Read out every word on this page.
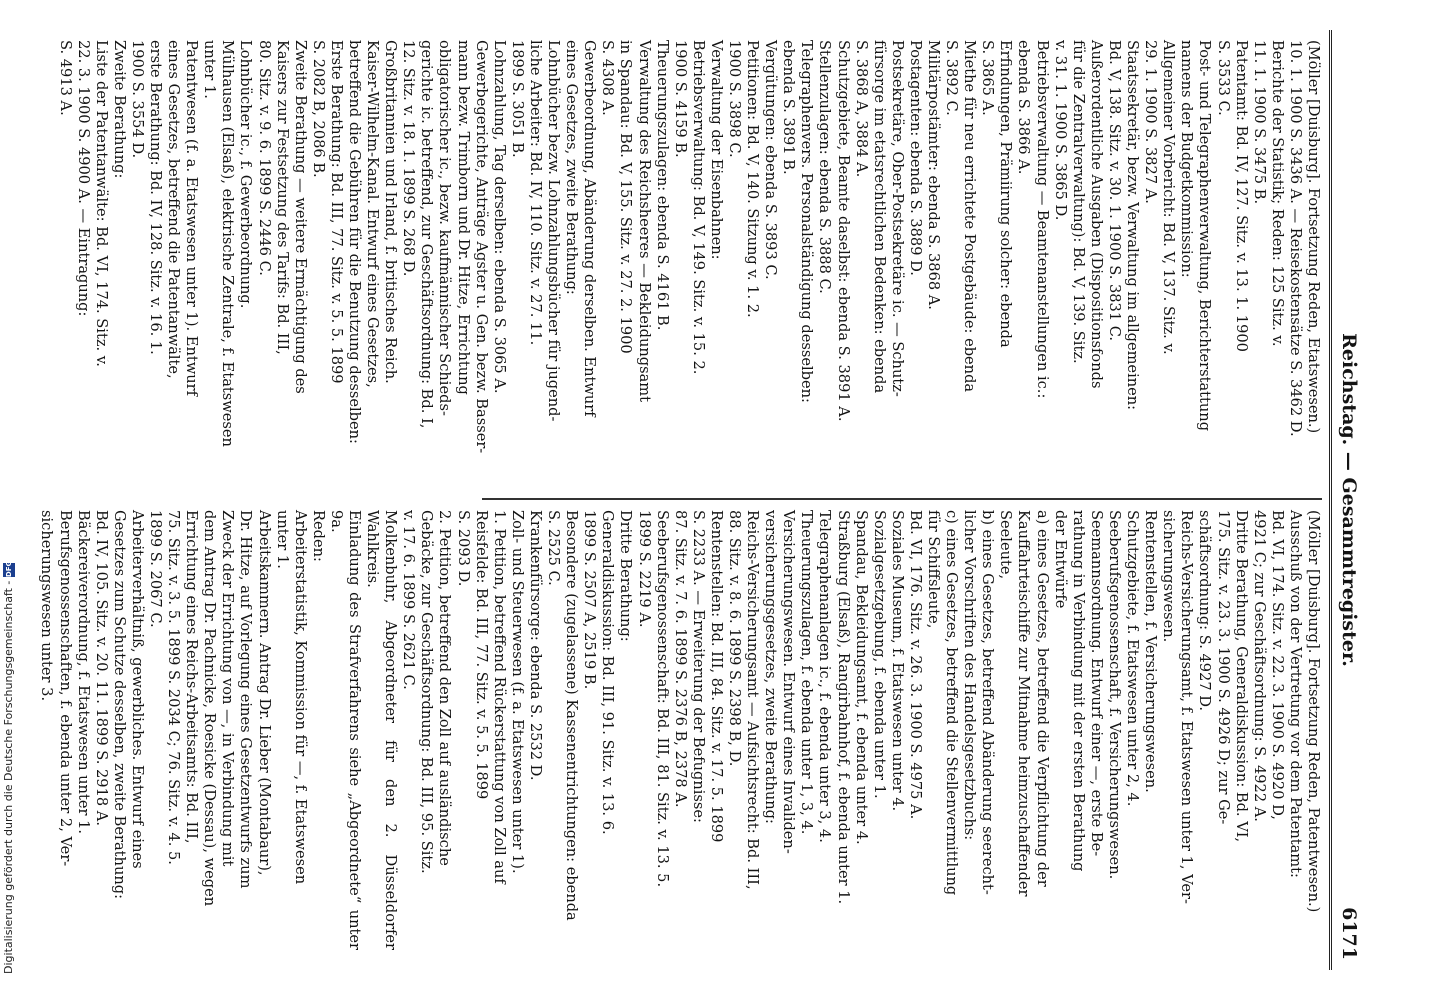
Reichstag. — Gesammtregister.
6171

(Möller [Duisburg]. Fortsetzung Reden, Etatswesen.)

10. 1. 1900 S. 3436 A. — Reisekostensätze S. 3462 D.

Berichte der Statistik; Reden: 125 Sitz. v.

11. 1. 1900 S. 3475 B.

Patentamt: Bd. IV, 127. Sitz. v. 13. 1. 1900

S. 3533 C.

Post- und Telegraphenverwaltung, Berichterstattung

namens der Budgetkommission:

Allgemeiner Vorbericht: Bd. V, 137. Sitz. v.

29. 1. 1900 S. 3827 A.

Staatssekretär, bezw. Verwaltung im allgemeinen:

Bd. V, 138. Sitz. v. 30. 1. 1900 S. 3831 C.

Außerordentliche Ausgaben (Dispositionsfonds

für die Zentralverwaltung): Bd. V, 139. Sitz.

v. 31. 1. 1900 S. 3865 D.

Betriebsverwaltung — Beamtenanstellungen ic.:

ebenda S. 3866 A.

Erfindungen, Prämiirung solcher: ebenda

S. 3865 A.

Miethe für neu errichtete Postgebäude: ebenda

S. 3892 C.

Militärpostämter: ebenda S. 3868 A.

Postagenten: ebenda S. 3889 D.

Postsekretäre, Ober-Postsekretäre ic. — Schutz-

fürsorge im etatsrechtlichen Bedenken: ebenda

S. 3868 A, 3884 A.

Schutzgebiete, Beamte daselbst: ebenda S. 3891 A.

Stellenzulagen: ebenda S. 3888 C.

Telegraphenvers. Personalständigung desselben:

ebenda S. 3891 B.

Vergütungen: ebenda S. 3893 C.

Petitionen: Bd. V, 140. Sitzung v. 1. 2.

1900 S. 3898 C.

Verwaltung der Eisenbahnen:

Betriebsverwaltung: Bd. V, 149. Sitz. v. 15. 2.

1900 S. 4159 B.

Theuerungszulagen: ebenda S. 4161 B.

Verwaltung des Reichsheeres — Bekleidungsamt

in Spandau: Bd. V, 155. Sitz. v. 27. 2. 1900

S. 4308 A.

Gewerbeordnung, Abänderung derselben. Entwurf

eines Gesetzes, zweite Berathung:

Lohnbücher bezw. Lohnzahlungsbücher für jugend-

liche Arbeiter: Bd. IV, 110. Sitz. v. 27. 11.

1899 S. 3051 B.

Lohnzahlung, Tag derselben: ebenda S. 3065 A.

Gewerbegerichte, Anträge Agster u. Gen. bezw. Basser-

mann bezw. Trimborn und Dr. Hitze, Errichtung

obligatorischer ic., bezw. kaufmännischer Schieds-

gerichte ic. betreffend, zur Geschäftsordnung: Bd. I,

12. Sitz. v. 18. 1. 1899 S. 268 D.

Großbritannien und Irland, f. britisches Reich.

Kaiser-Wilhelm-Kanal. Entwurf eines Gesetzes,

betreffend die Gebühren für die Benutzung desselben:

Erste Berathung: Bd. III, 77. Sitz. v. 5. 5. 1899

S. 2082 B, 2086 B.

Zweite Berathung — weitere Ermächtigung des

Kaisers zur Festsetzung des Tarifs: Bd. III,

80. Sitz. v. 9. 6. 1899 S. 2446 C.

Lohnbücher ic., f. Gewerbeordnung.

Mülhausen (Elsaß), elektrische Zentrale, f. Etatswesen

unter 1.

Patentwesen (f. a. Etatswesen unter 1). Entwurf

eines Gesetzes, betreffend die Patentanwälte,

erste Berathung: Bd. IV, 128. Sitz. v. 16. 1.

1900 S. 3554 D.

Zweite Berathung:

Liste der Patentanwälte: Bd. VI, 174. Sitz. v.

22. 3. 1900 S. 4900 A. — Eintragung:

S. 4913 A.

(Möller [Duisburg]. Fortsetzung Reden, Patentwesen.)

Ausschuß von der Vertretung vor dem Patentamt:

Bd. VI, 174. Sitz. v. 22. 3. 1900 S. 4920 D,

4921 C; zur Geschäftsordnung: S. 4922 A.

Dritte Berathung, Generaldiskussion: Bd. VI,

175. Sitz. v. 23. 3. 1900 S. 4926 D; zur Ge-

schäftsordnung: S. 4927 D.

Reichs-Versicherungsamt, f. Etatswesen unter 1, Ver-

sicherungswesen.

Rentenstellen, f. Versicherungswesen.

Schutzgebiete, f. Etatswesen unter 2, 4.

Seeberufsgenossenschaft, f. Versicherungswesen.

Seemannsordnung. Entwurf einer —, erste Be-

rathung in Verbindung mit der ersten Berathung

der Entwürfe

a) eines Gesetzes, betreffend die Verpflichtung der

Kauffahrteischiffe zur Mitnahme heimzuschaffender

Seeleute,

b) eines Gesetzes, betreffend Abänderung seerecht-

licher Vorschriften des Handelsgesetzbuchs:

c) eines Gesetzes, betreffend die Stellenvermittlung

für Schiffsleute,

Bd. VI, 176. Sitz. v. 26. 3. 1900 S. 4975 A.

Soziales Museum, f. Etatswesen unter 4.

Sozialgesetzgebung, f. ebenda unter 1.

Spandau, Bekleidungsamt, f. ebenda unter 4.

Straßburg (Elsaß), Rangirbahnhof, f. ebenda unter 1.

Telegraphenanlagen ic., f. ebenda unter 3, 4.

Theuerungszulagen, f. ebenda unter 1, 3, 4.

Versicherungswesen. Entwurf eines Invaliden-

versicherungsgesetzes, zweite Berathung:

Reichs-Versicherungsamt — Aufsichtsrecht: Bd. III,

88. Sitz. v. 8. 6. 1899 S. 2398 B, D.

Rentenstellen: Bd. III, 84. Sitz. v. 17. 5. 1899

S. 2233 A. — Erweiterung der Befugnisse:

87. Sitz. v. 7. 6. 1899 S. 2376 B, 2378 A.

Seeberufsgenossenschaft: Bd. III, 81. Sitz. v. 13. 5.

1899 S. 2219 A.

Dritte Berathung:

Generaldiskussion: Bd. III, 91. Sitz. v. 13. 6.

1899 S. 2507 A, 2519 B.

Besondere (zugelassene) Kassenentrichtungen: ebenda

S. 2525 C.

Krankenfürsorge: ebenda S. 2532 D.

Zoll- und Steuerwesen (f. a. Etatswesen unter 1).

1. Petition, betreffend Rückerstattung von Zoll auf

Reisfelde: Bd. III, 77. Sitz. v. 5. 5. 1899

S. 2093 D.

2. Petition, betreffend den Zoll auf ausländische

Gebäcke, zur Geschäftsordnung: Bd. III, 95. Sitz.

v. 17. 6. 1899 S. 2621 C.

Molkenbuhr, Abgeordneter für den 2. Düsseldorfer Wahlkreis.

Einladung des Strafverfahrens siehe „Abgeordnete“ unter 9a.

Reden:

Arbeiterstatistik, Kommission für —, f. Etatswesen

unter 1.

Arbeitskammern. Antrag Dr. Lieber (Montabaur),

Dr. Hitze, auf Vorlegung eines Gesetzentwurfs zum

Zweck der Errichtung von —, in Verbindung mit

dem Antrag Dr. Pachnicke, Roesicke (Dessau), wegen

Errichtung eines Reichs-Arbeitsamts: Bd. III,

75. Sitz. v. 3. 5. 1899 S. 2034 C; 76. Sitz. v. 4. 5.

1899 S. 2067 C.

Arbeiterverhältniß, gewerbliches. Entwurf eines

Gesetzes zum Schutze desselben, zweite Berathung:

Bd. IV, 105. Sitz. v. 20. 11. 1899 S. 2918 A.

Bäckereiverordnung, f. Etatswesen unter 1.

Berufsgenossenschaften, f. ebenda unter 2, Ver-

sicherungswesen unter 3.

Digitalisierung gefördert durch die Deutsche Forschungsgemeinschaft - DFG
